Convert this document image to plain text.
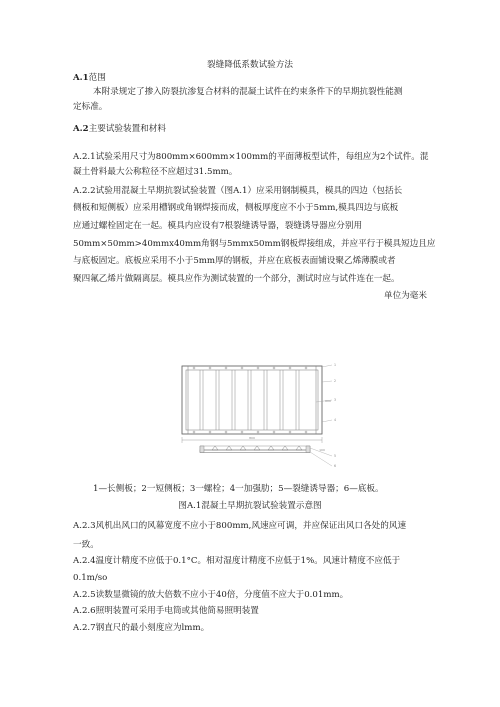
裂缝降低系数试验方法
A.1范围
本附录规定了掺入防裂抗渗复合材料的混凝土试件在约束条件下的早期抗裂性能测
定标准。
A.2主要试验装置和材料
A.2.1试验采用尺寸为800mm×600mm×100mm的平面薄板型试件，每组应为2个试件。混
凝土骨料最大公称粒径不应超过31.5mm。
A.2.2试验用混凝土早期抗裂试验装置（图A.1）应采用钢制模具，模具的四边（包括长
侧板和短侧板）应采用槽钢或角钢焊接而成，侧板厚度应不小于5mm,模具四边与底板
应通过螺栓固定在一起。模具内应设有7根裂缝诱导器，裂缝诱导器应分别用
50mm×50mm>40mmx40mm角钢与5mmx50mm钢板焊接组成，并应平行于模具短边且应
与底板固定。底板应采用不小于5mm厚的钢板，并应在底板表面铺设聚乙烯薄膜或者
聚四氟乙烯片做隔离层。模具应作为测试装置的一个部分，测试时应与试件连在一起。
单位为毫米
800
600
100
1
2
3
4
5
6
1—长侧板；2一短侧板；3一螺栓；4一加强肋；5—裂缝诱导器；6—底板。
图A.1混凝土早期抗裂试验装置示意图
A.2.3风机出风口的风幕宽度不应小于800mm,风速应可调，并应保证出风口各处的风速
一致。
A.2.4温度计精度不应低于0.1°C。相对湿度计精度不应低于1%。风速计精度不应低于
0.1m∕so
A.2.5读数显微镜的放大倍数不应小于40倍，分度值不应大于0.01mm。
A.2.6照明装置可采用手电筒或其他简易照明装置
A.2.7钢直尺的最小刻度应为lmm。
